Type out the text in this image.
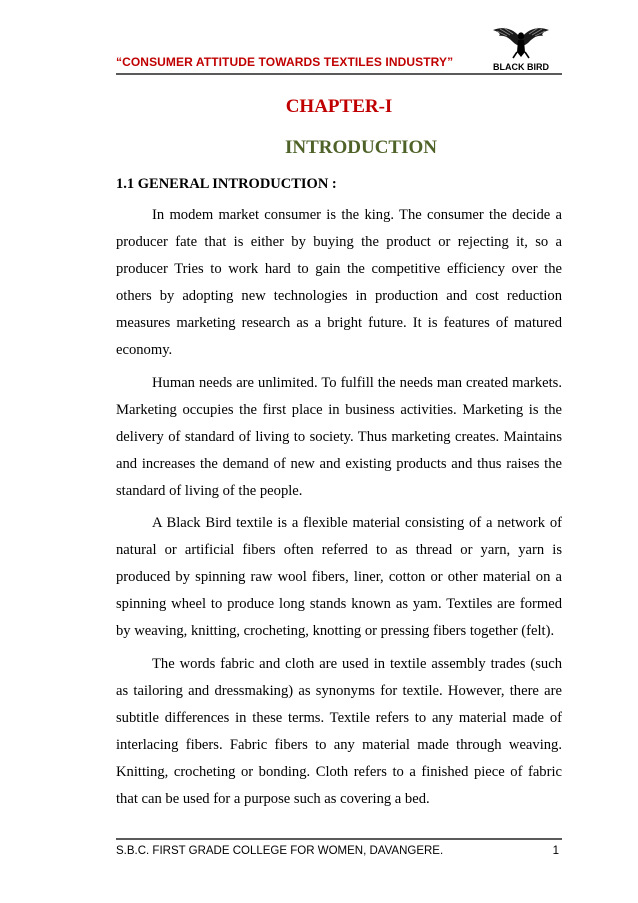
“CONSUMER ATTITUDE TOWARDS TEXTILES INDUSTRY”	BLACK BIRD
CHAPTER-I
INTRODUCTION
1.1 GENERAL INTRODUCTION :

In modem market consumer is the king. The consumer the decide a producer fate that is either by buying the product or rejecting it, so a producer Tries to work hard to gain the competitive efficiency over the others by adopting new technologies in production and cost reduction measures marketing research as a bright future. It is features of matured economy.

Human needs are unlimited. To fulfill the needs man created markets. Marketing occupies the first place in business activities. Marketing is the delivery of standard of living to society. Thus marketing creates. Maintains and increases the demand of new and existing products and thus raises the standard of living of the people.

A Black Bird textile is a flexible material consisting of a network of natural or artificial fibers often referred to as thread or yarn, yarn is produced by spinning raw wool fibers, liner, cotton or other material on a spinning wheel to produce long stands known as yam. Textiles are formed by weaving, knitting, crocheting, knotting or pressing fibers together (felt).

The words fabric and cloth are used in textile assembly trades (such as tailoring and dressmaking) as synonyms for textile. However, there are subtitle differences in these terms. Textile refers to any material made of interlacing fibers. Fabric fibers to any material made through weaving. Knitting, crocheting or bonding. Cloth refers to a finished piece of fabric that can be used for a purpose such as covering a bed.

S.B.C. FIRST GRADE COLLEGE FOR WOMEN, DAVANGERE.	1
